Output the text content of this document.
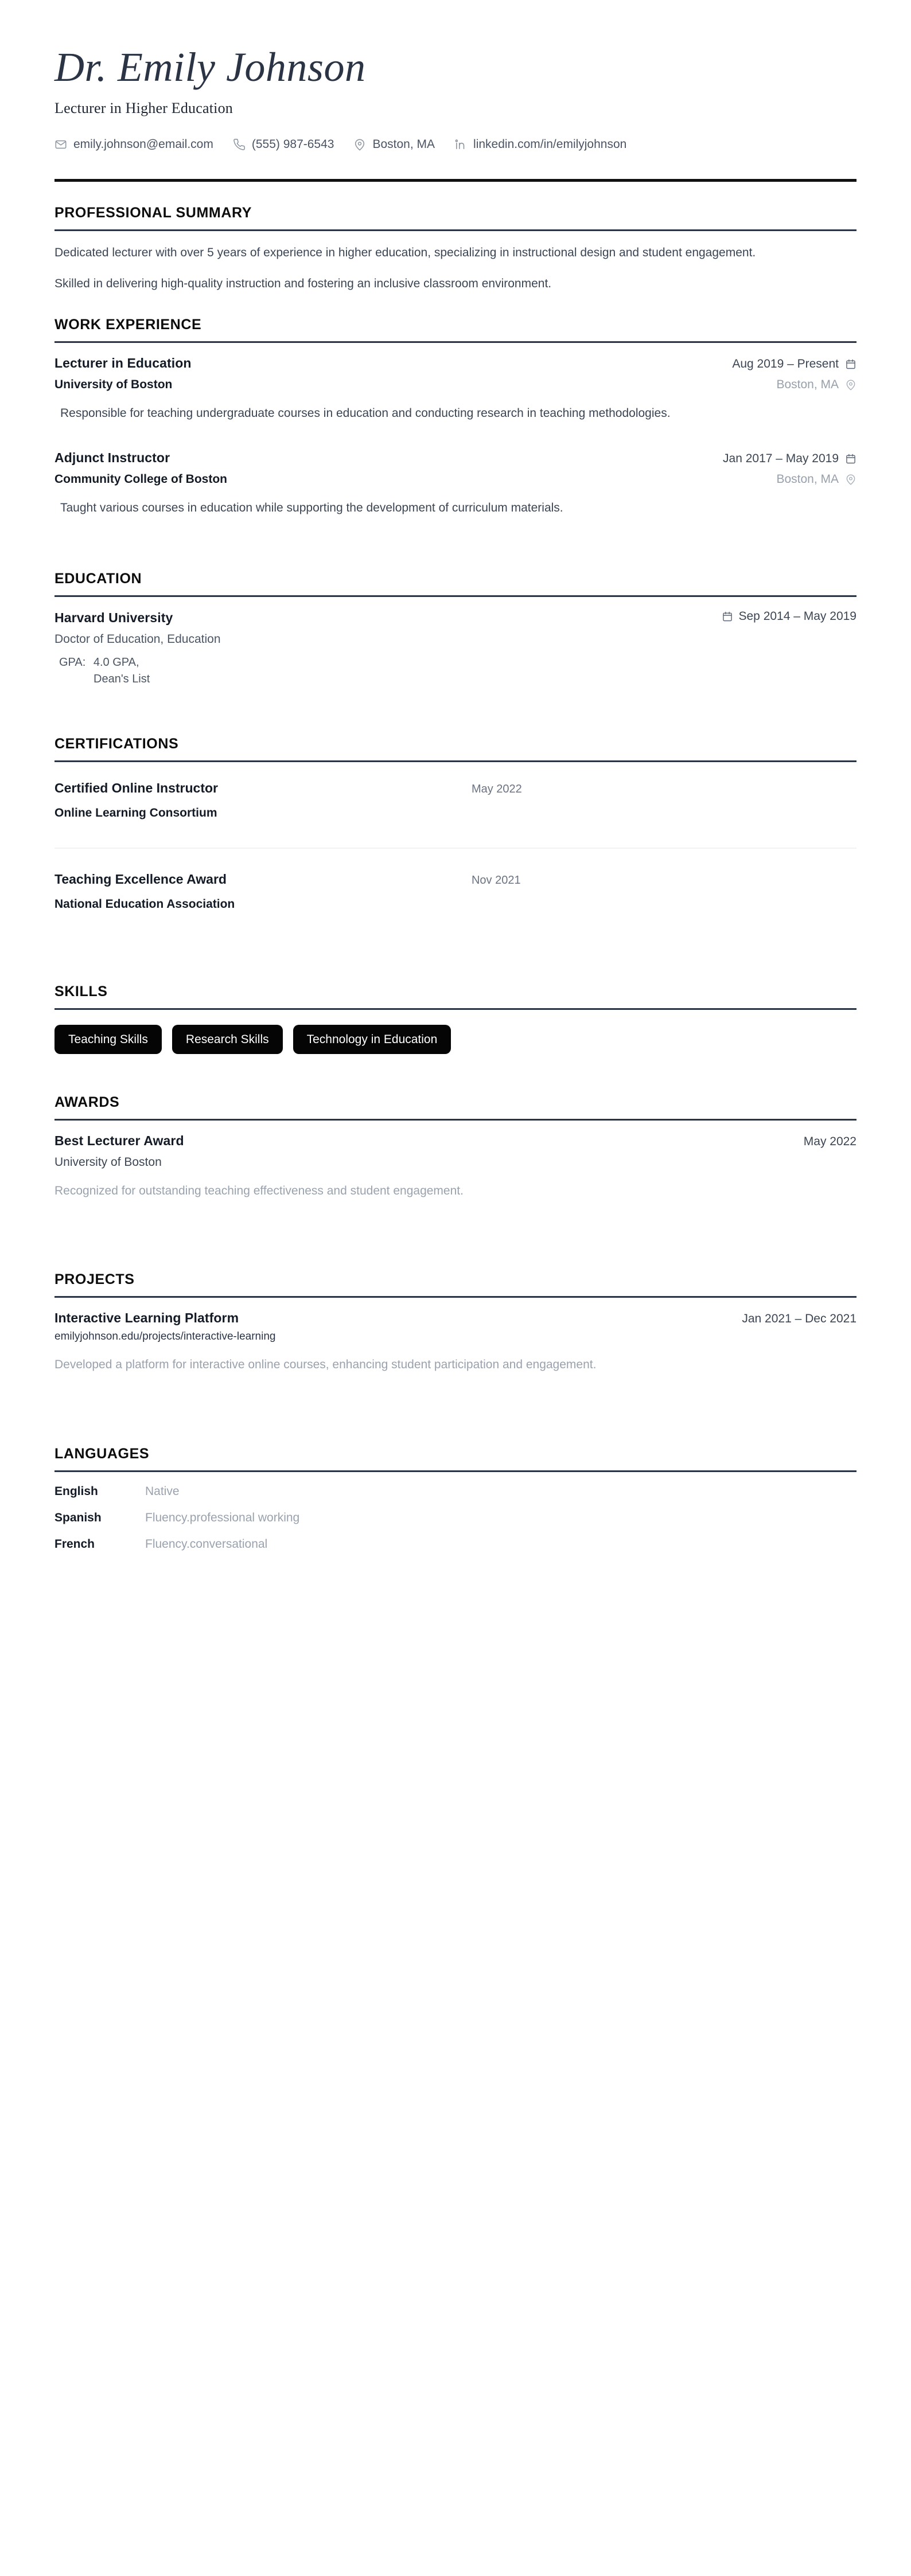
Dr. Emily Johnson
Lecturer in Higher Education
emily.johnson@email.com	(555) 987-6543	Boston, MA	linkedin.com/in/emilyjohnson
PROFESSIONAL SUMMARY

Dedicated lecturer with over 5 years of experience in higher education, specializing in instructional design and student engagement.

Skilled in delivering high-quality instruction and fostering an inclusive classroom environment.

WORK EXPERIENCE
Lecturer in Education	Aug 2019 – Present
University of Boston	Boston, MA
Responsible for teaching undergraduate courses in education and conducting research in teaching methodologies.
Adjunct Instructor	Jan 2017 – May 2019
Community College of Boston	Boston, MA
Taught various courses in education while supporting the development of curriculum materials.
EDUCATION
Harvard University	Sep 2014 – May 2019
Doctor of Education, Education
GPA: 4.0 GPA,
Dean's List
CERTIFICATIONS
Certified Online Instructor	May 2022
Online Learning Consortium
Teaching Excellence Award	Nov 2021
National Education Association
SKILLS
Teaching Skills	Research Skills	Technology in Education
AWARDS
Best Lecturer Award	May 2022
University of Boston
Recognized for outstanding teaching effectiveness and student engagement.
PROJECTS
Interactive Learning Platform	Jan 2021 – Dec 2021
emilyjohnson.edu/projects/interactive-learning
Developed a platform for interactive online courses, enhancing student participation and engagement.
LANGUAGES
English	Native
Spanish	Fluency.professional working
French	Fluency.conversational
